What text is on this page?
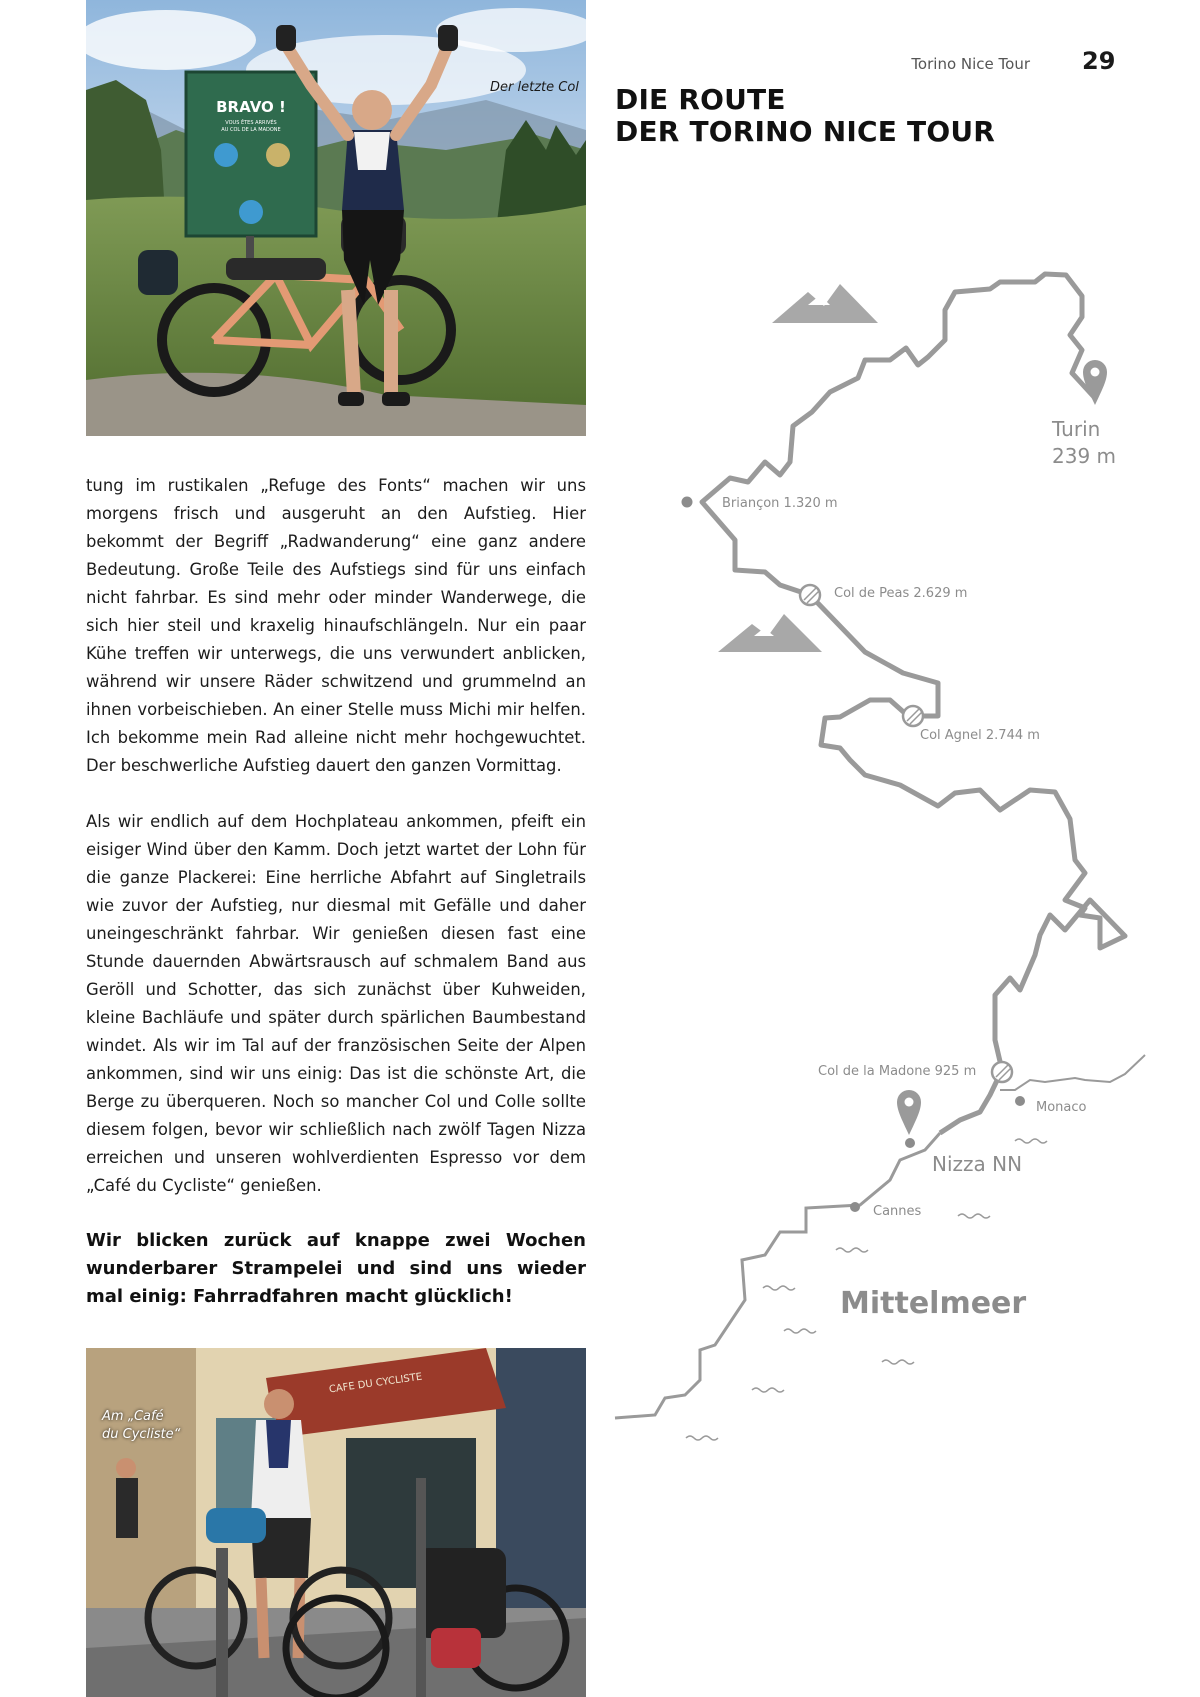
Torino Nice Tour 29
DIE ROUTE
DER TORINO NICE TOUR
BRAVO !
VOUS ÊTES ARRIVÉS
AU COL DE LA MADONE
Der letzte Col

tung im rustikalen „Refuge des Fonts“ machen wir uns morgens frisch und ausgeruht an den Aufstieg. Hier bekommt der Begriff „Radwanderung“ eine ganz andere Bedeutung. Große Teile des Aufstiegs sind für uns einfach nicht fahrbar. Es sind mehr oder minder Wanderwege, die sich hier steil und kraxelig hinaufschlängeln. Nur ein paar Kühe treffen wir unterwegs, die uns verwundert anblicken, während wir unsere Räder schwitzend und grummelnd an ihnen vorbeischieben. An einer Stelle muss Michi mir helfen. Ich bekomme mein Rad alleine nicht mehr hochgewuchtet. Der beschwerliche Aufstieg dauert den ganzen Vormittag.

Als wir endlich auf dem Hochplateau ankommen, pfeift ein eisiger Wind über den Kamm. Doch jetzt wartet der Lohn für die ganze Plackerei: Eine herrliche Abfahrt auf Singletrails wie zuvor der Aufstieg, nur diesmal mit Gefälle und daher uneingeschränkt fahrbar. Wir genießen diesen fast eine Stunde dauernden Abwärtsrausch auf schmalem Band aus Geröll und Schotter, das sich zunächst über Kuhweiden, kleine Bachläufe und später durch spärlichen Baumbestand windet. Als wir im Tal auf der französischen Seite der Alpen ankommen, sind wir uns einig: Das ist die schönste Art, die Berge zu überqueren. Noch so mancher Col und Colle sollte diesem folgen, bevor wir schließlich nach zwölf Tagen Nizza erreichen und unseren wohlverdienten Espresso vor dem „Café du Cycliste“ genießen.

Wir blicken zurück auf knappe zwei Wochen wunderbarer Strampelei und sind uns wieder mal einig: Fahrradfahren macht glücklich!

CAFE DU CYCLISTE
Am „Café
du Cycliste“
Turin
239 m
Briançon 1.320 m
Col de Peas 2.629 m
Col Agnel 2.744 m
Col de la Madone 925 m
Monaco
Nizza NN
Cannes
Mittelmeer
